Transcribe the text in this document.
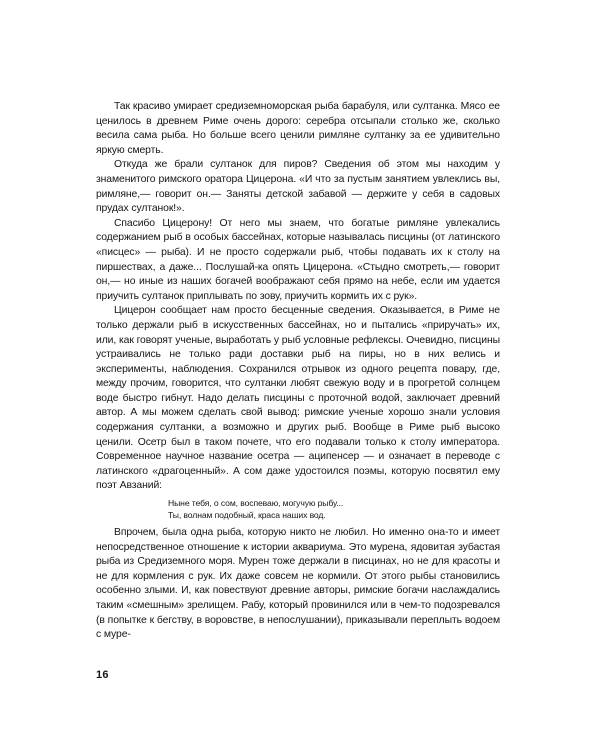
Так красиво умирает средиземноморская рыба барабуля, или султанка. Мясо ее ценилось в древнем Риме очень дорого: серебра отсыпали столько же, сколько весила сама рыба. Но больше всего ценили римляне султанку за ее удивительно яркую смерть.

Откуда же брали султанок для пиров? Сведения об этом мы находим у знаменитого римского оратора Цицерона. «И что за пустым занятием увлеклись вы, римляне,— говорит он.— Заняты детской забавой — держите у себя в садовых прудах султанок!».

Спасибо Цицерону! От него мы знаем, что богатые римляне увлекались содержанием рыб в особых бассейнах, которые называлась писцины (от латинского «писцес» — рыба). И не просто содержали рыб, чтобы подавать их к столу на пиршествах, а даже... Послушай-ка опять Цицерона. «Стыдно смотреть,— говорит он,— но иные из наших богачей воображают себя прямо на небе, если им удается приучить султанок приплывать по зову, приучить кормить их с рук».

Цицерон сообщает нам просто бесценные сведения. Оказывается, в Риме не только держали рыб в искусственных бассейнах, но и пытались «приручать» их, или, как говорят ученые, выработать у рыб условные рефлексы. Очевидно, писцины устраивались не только ради доставки рыб на пиры, но в них велись и эксперименты, наблюдения. Сохранился отрывок из одного рецепта повару, где, между прочим, говорится, что султанки любят свежую воду и в прогретой солнцем воде быстро гибнут. Надо делать писцины с проточной водой, заключает древний автор. А мы можем сделать свой вывод: римские ученые хорошо знали условия содержания султанки, а возможно и других рыб. Вообще в Риме рыб высоко ценили. Осетр был в таком почете, что его подавали только к столу императора. Современное научное название осетра — аципенсер — и означает в переводе с латинского «драгоценный». А сом даже удостоился поэмы, которую посвятил ему поэт Авзаний:

Ныне тебя, о сом, воспеваю, могучую рыбу...
Ты, волнам подобный, краса наших вод.

Впрочем, была одна рыба, которую никто не любил. Но именно она-то и имеет непосредственное отношение к истории аквариума. Это мурена, ядовитая зубастая рыба из Средиземного моря. Мурен тоже держали в писцинах, но не для красоты и не для кормления с рук. Их даже совсем не кормили. От этого рыбы становились особенно злыми. И, как повествуют древние авторы, римские богачи наслаждались таким «смешным» зрелищем. Рабу, который провинился или в чем-то подозревался (в попытке к бегству, в воровстве, в непослушании), приказывали переплыть водоем с муре-

16
